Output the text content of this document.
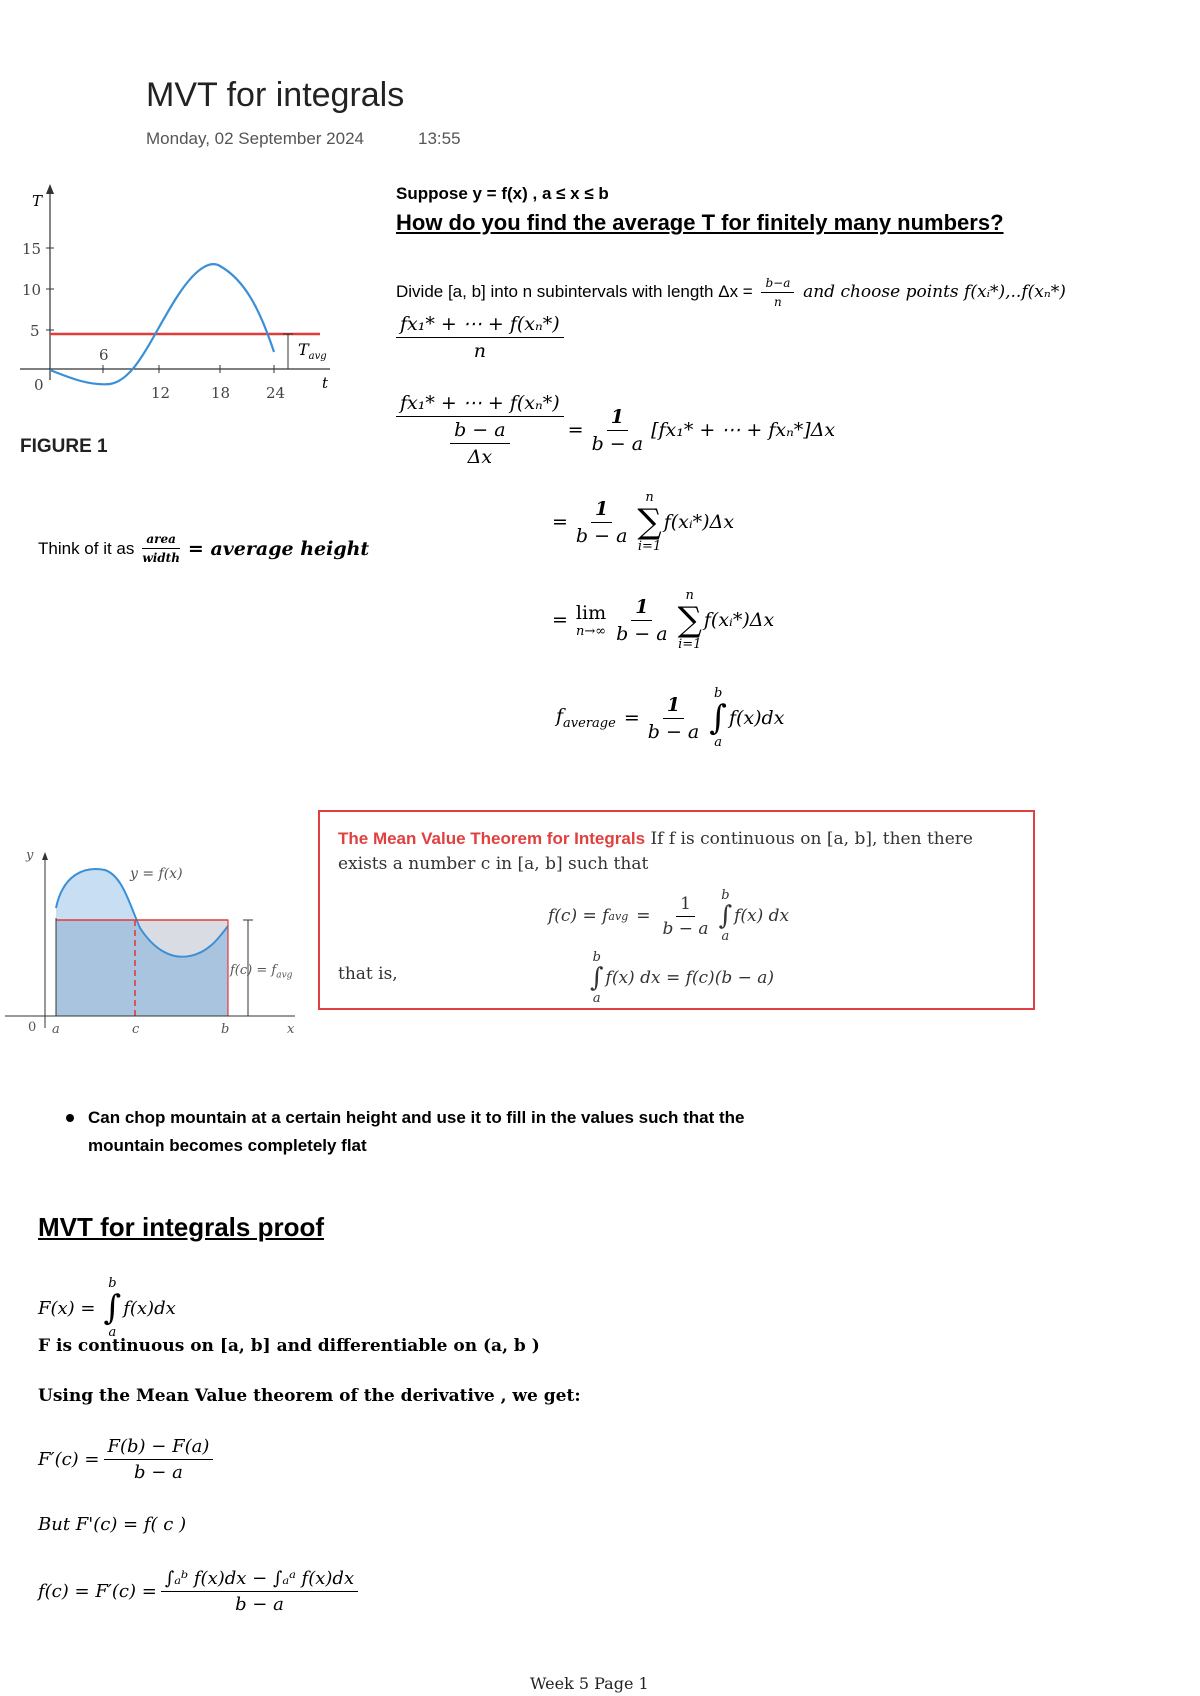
MVT for integrals
Monday, 02 September 2024	13:55
T
t
15
10
5
0
6
12	18 24
$T_{avg}$
FIGURE 1
Suppose y = f(x) , a ≤ x ≤ b
How do you find the average T for finitely many numbers?
Divide [a, b] into n subintervals with length $\Delta x = \frac{b-a}{n}$ and choose points f(xᵢ*),..f(xₙ*)
$\frac{\text{fx₁* + ⋯ + f(xₙ*)}}{n}$
$\frac{\text{fx₁* + ⋯ + f(xₙ*)}}{\frac{b - a}{\Delta x}} = \frac{1}{b - a} [fx_1*$ + ⋯ + fxₙ*]Δx
= $\frac{1}{b - a}$ n
∑
i=1
f(xᵢ*)Δx
= lim
$n\to\infty \frac{1}{b - a}$ n
∑
i=1
f(xᵢ*)Δx
$f_{average} = \frac{1}{b - a}$ b
∫
a
f(x)dx
Think of it as $\frac{\text{area}}{\text{width}}$ = average height
y
y = f(x)
$f(c) = f_{avg}$
0 a	c	b	x
The Mean Value Theorem for Integrals If f is continuous on [a, b], then there exists a number c in [a, b] such that
f(c) = f avg = $\frac{1}{b - a}$ b
∫
a
f(x) dx
that is,
b
∫
a
f(x) dx = f(c)(b − a)
Can chop mountain at a certain height and use it to fill in the values such that the mountain becomes completely flat
MVT for integrals proof
F(x) =
b
∫
a
f(x)dx
F is continuous on [a, b] and differentiable on (a, b )
Using the Mean Value theorem of the derivative , we get:
$F'(c) = \frac{F(b) - F(a)}{b - a}$
But F'(c) = f( c )
$f(c) = F'(c) = \frac{\text{∫ₐᵇ f(x)dx − ∫ₐᵃ f(x)dx}}{b - a}$
Week 5 Page 1
